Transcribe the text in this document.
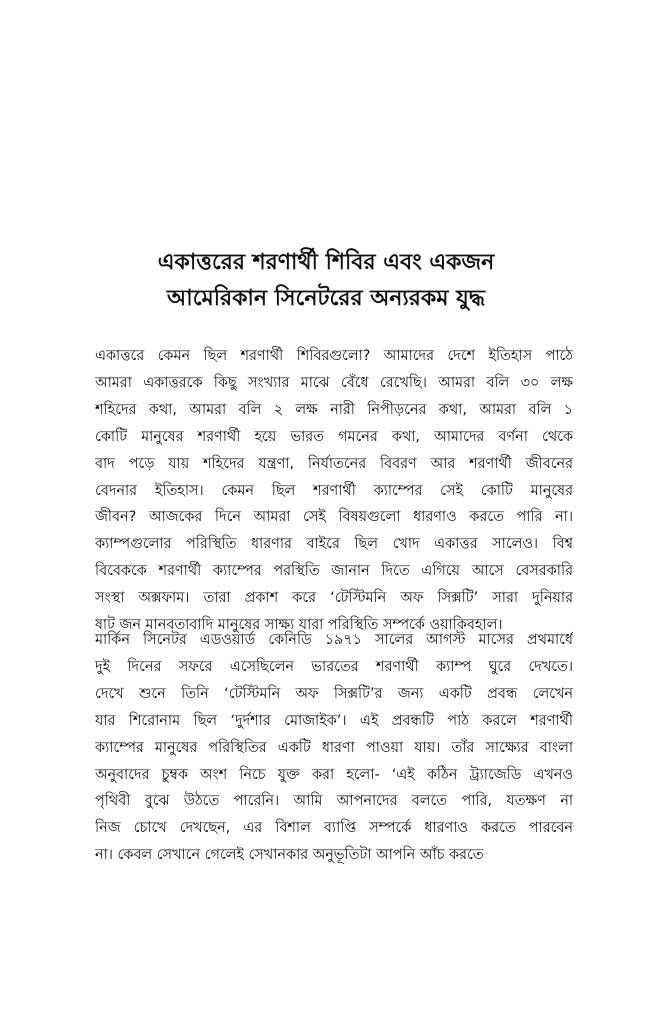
একাত্তরের শরণার্থী শিবির এবং একজন
আমেরিকান সিনেটরের অন্যরকম যুদ্ধ

একাত্তরে কেমন ছিল শরণার্থী শিবিরগুলো? আমাদের দেশে ইতিহাস পাঠে
আমরা একাত্তরকে কিছু সংখ্যার মাঝে বেঁধে রেখেছি। আমরা বলি ৩০ লক্ষ
শহিদের কথা, আমরা বলি ২ লক্ষ নারী নিপীড়নের কথা, আমরা বলি ১
কোটি মানুষের শরণার্থী হয়ে ভারত গমনের কথা, আমাদের বর্ণনা থেকে
বাদ পড়ে যায় শহিদের যন্ত্রণা, নির্যাতনের বিবরণ আর শরণার্থী জীবনের
বেদনার ইতিহাস। কেমন ছিল শরণার্থী ক্যাম্পের সেই কোটি মানুষের
জীবন? আজকের দিনে আমরা সেই বিষয়গুলো ধারণাও করতে পারি না।
ক্যাম্পগুলোর পরিস্থিতি ধারণার বাইরে ছিল খোদ একাত্তর সালেও। বিশ্ব
বিবেককে শরণার্থী ক্যাম্পের পরস্থিতি জানান দিতে এগিয়ে আসে বেসরকারি
সংস্থা অক্সফাম। তারা প্রকাশ করে ‘টেস্টিমনি অফ সিক্সটি’ সারা দুনিয়ার
ষাট জন মানবতাবাদি মানুষের সাক্ষ্য যারা পরিস্থিতি সম্পর্কে ওয়াকিবহাল।

মার্কিন সিনেটর এডওয়ার্ড কেনিডি ১৯৭১ সালের আগস্ট মাসের প্রথমার্ধে
দুই দিনের সফরে এসেছিলেন ভারতের শরণার্থী ক্যাম্প ঘুরে দেখতে।
দেখে শুনে তিনি ‘টেস্টিমনি অফ সিক্সটি’র জন্য একটি প্রবন্ধ লেখেন
যার শিরোনাম ছিল ‘দুর্দশার মোজাইক’। এই প্রবন্ধটি পাঠ করলে শরণার্থী
ক্যাম্পের মানুষের পরিস্থিতির একটি ধারণা পাওয়া যায়। তাঁর সাক্ষ্যের বাংলা
অনুবাদের চুম্বক অংশ নিচে যুক্ত করা হলো- ‘এই কঠিন ট্র্যাজেডি এখনও
পৃথিবী বুঝে উঠতে পারেনি। আমি আপনাদের বলতে পারি, যতক্ষণ না
নিজ চোখে দেখছেন, এর বিশাল ব্যাপ্তি সম্পর্কে ধারণাও করতে পারবেন
না। কেবল সেখানে গেলেই সেখানকার অনুভূতিটা আপনি আঁচ করতে
